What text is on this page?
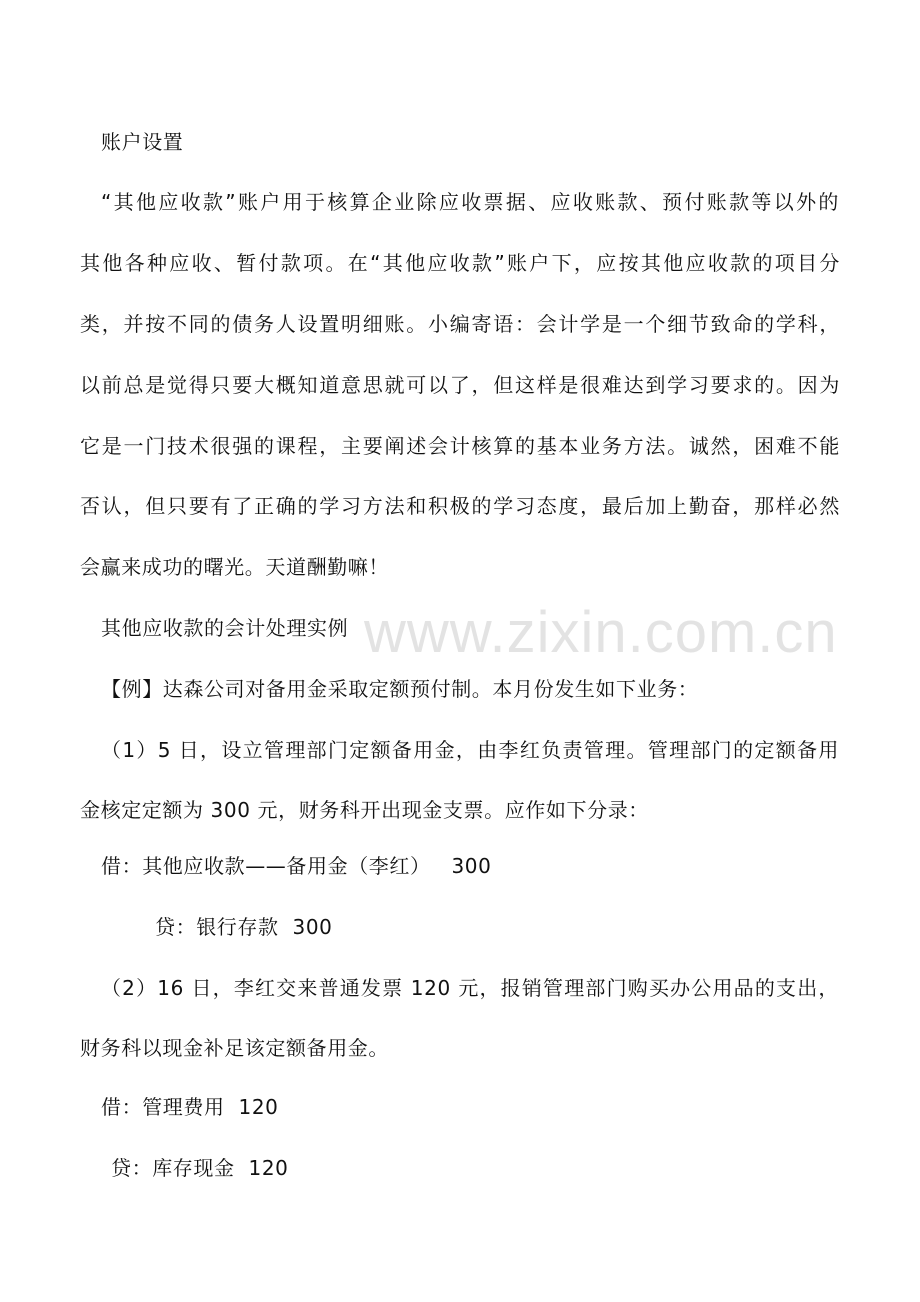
www.zixin.com.cn
账户设置
“其他应收款”账户用于核算企业除应收票据、应收账款、预付账款等以外的
其他各种应收、暂付款项。在“其他应收款”账户下，应按其他应收款的项目分
类，并按不同的债务人设置明细账。小编寄语：会计学是一个细节致命的学科，
以前总是觉得只要大概知道意思就可以了，但这样是很难达到学习要求的。因为
它是一门技术很强的课程，主要阐述会计核算的基本业务方法。诚然，困难不能
否认，但只要有了正确的学习方法和积极的学习态度，最后加上勤奋，那样必然
会赢来成功的曙光。天道酬勤嘛！
其他应收款的会计处理实例
【例】达森公司对备用金采取定额预付制。本月份发生如下业务：
（1）5 日，设立管理部门定额备用金，由李红负责管理。管理部门的定额备用
金核定定额为 300 元，财务科开出现金支票。应作如下分录：
借：其他应收款——备用金（李红）   300
贷：银行存款  300
（2）16 日，李红交来普通发票 120 元，报销管理部门购买办公用品的支出，
财务科以现金补足该定额备用金。
借：管理费用  120
贷：库存现金  120
